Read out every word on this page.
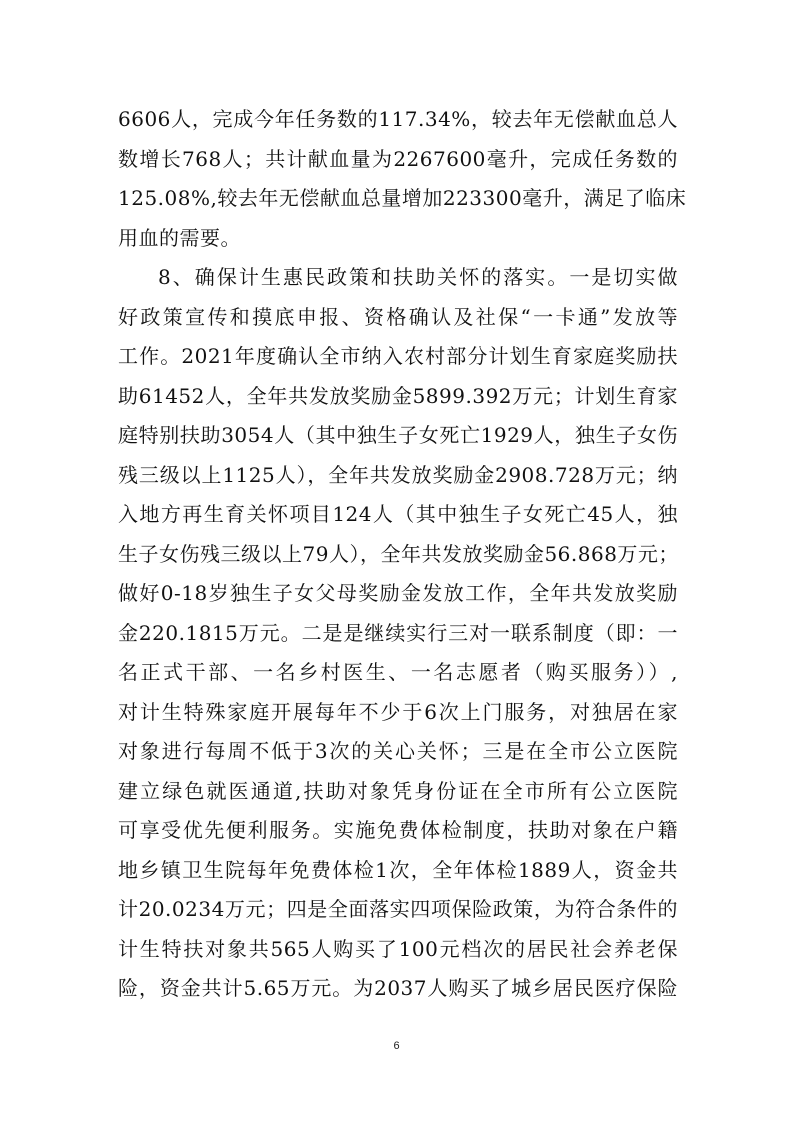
6606人，完成今年任务数的117.34%，较去年无偿献血总人
数增长768人；共计献血量为2267600毫升，完成任务数的
125.08%,较去年无偿献血总量增加223300毫升，满足了临床
用血的需要。
8、确保计生惠民政策和扶助关怀的落实。一是切实做
好政策宣传和摸底申报、资格确认及社保“一卡通”发放等
工作。2021年度确认全市纳入农村部分计划生育家庭奖励扶
助61452人，全年共发放奖励金5899.392万元；计划生育家
庭特别扶助3054人（其中独生子女死亡1929人，独生子女伤
残三级以上1125人），全年共发放奖励金2908.728万元；纳
入地方再生育关怀项目124人（其中独生子女死亡45人，独
生子女伤残三级以上79人），全年共发放奖励金56.868万元；
做好0-18岁独生子女父母奖励金发放工作，全年共发放奖励
金220.1815万元。二是是继续实行三对一联系制度（即：一
名正式干部、一名乡村医生、一名志愿者（购买服务））,
对计生特殊家庭开展每年不少于6次上门服务，对独居在家
对象进行每周不低于3次的关心关怀；三是在全市公立医院
建立绿色就医通道,扶助对象凭身份证在全市所有公立医院
可享受优先便利服务。实施免费体检制度，扶助对象在户籍
地乡镇卫生院每年免费体检1次，全年体检1889人，资金共
计20.0234万元；四是全面落实四项保险政策，为符合条件的
计生特扶对象共565人购买了100元档次的居民社会养老保
险，资金共计5.65万元。为2037人购买了城乡居民医疗保险
6
